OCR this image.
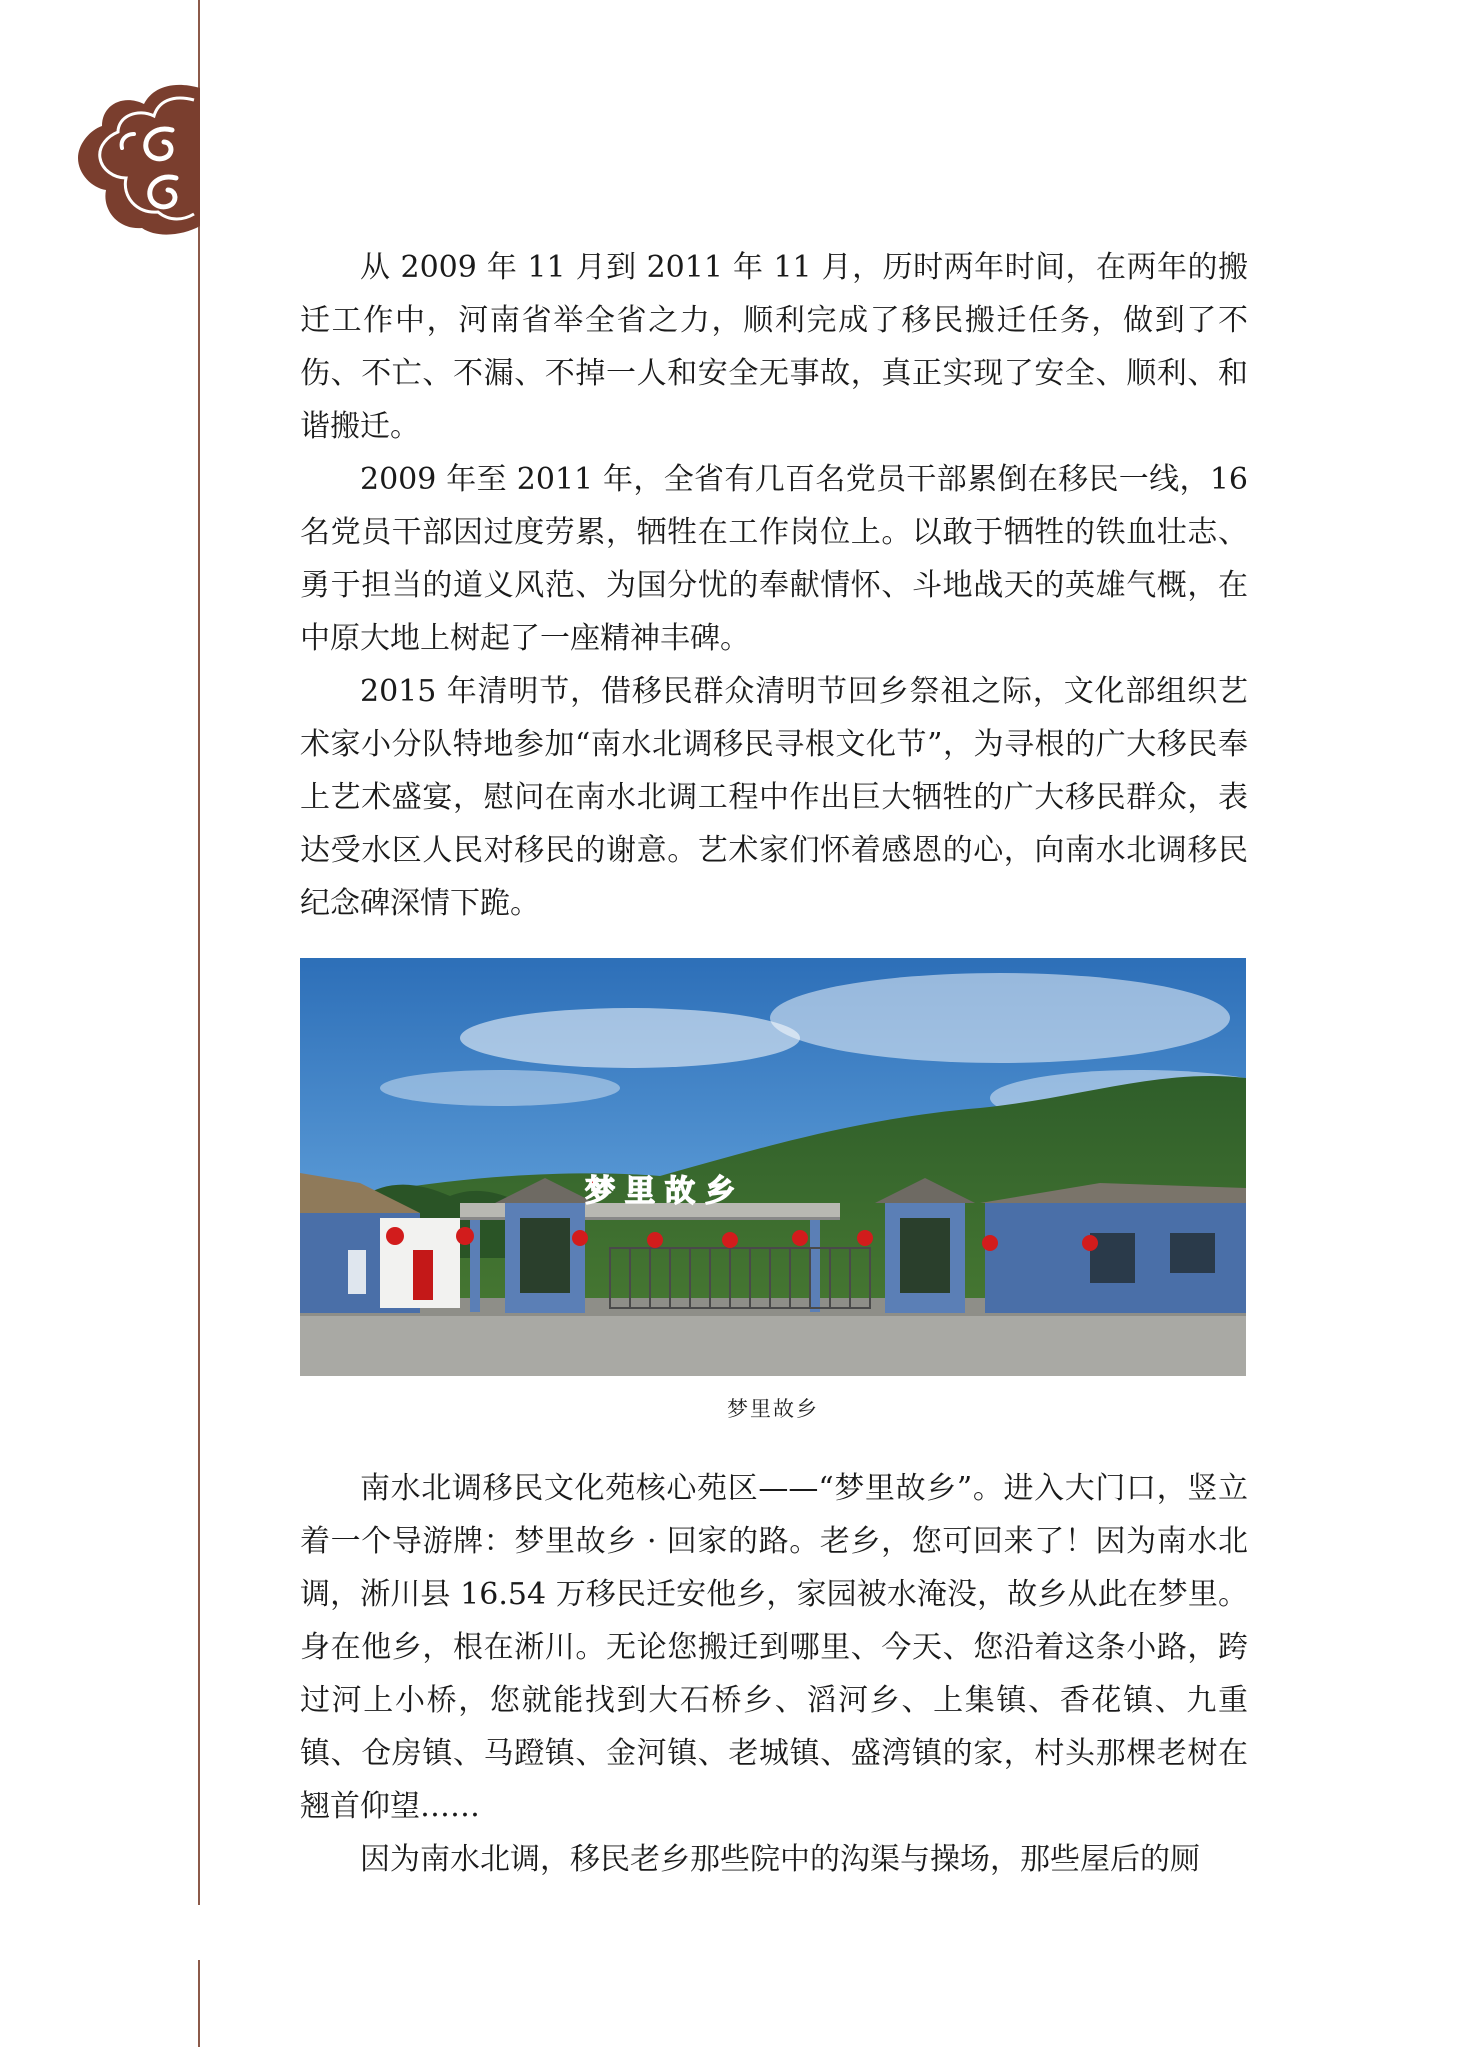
从 2009 年 11 月到 2011 年 11 月，历时两年时间，在两年的搬迁工作中，河南省举全省之力，顺利完成了移民搬迁任务，做到了不伤、不亡、不漏、不掉一人和安全无事故，真正实现了安全、顺利、和谐搬迁。

2009 年至 2011 年，全省有几百名党员干部累倒在移民一线，16 名党员干部因过度劳累，牺牲在工作岗位上。以敢于牺牲的铁血壮志、勇于担当的道义风范、为国分忧的奉献情怀、斗地战天的英雄气概，在中原大地上树起了一座精神丰碑。

2015 年清明节，借移民群众清明节回乡祭祖之际，文化部组织艺术家小分队特地参加“南水北调移民寻根文化节”，为寻根的广大移民奉上艺术盛宴，慰问在南水北调工程中作出巨大牺牲的广大移民群众，表达受水区人民对移民的谢意。艺术家们怀着感恩的心，向南水北调移民纪念碑深情下跪。

梦 里 故 乡
梦里故乡

南水北调移民文化苑核心苑区——“梦里故乡”。进入大门口，竖立着一个导游牌：梦里故乡 · 回家的路。老乡，您可回来了！因为南水北调，淅川县 16.54 万移民迁安他乡，家园被水淹没，故乡从此在梦里。身在他乡，根在淅川。无论您搬迁到哪里、今天、您沿着这条小路，跨过河上小桥，您就能找到大石桥乡、滔河乡、上集镇、香花镇、九重镇、仓房镇、马蹬镇、金河镇、老城镇、盛湾镇的家，村头那棵老树在翘首仰望……

因为南水北调，移民老乡那些院中的沟渠与操场，那些屋后的厕
